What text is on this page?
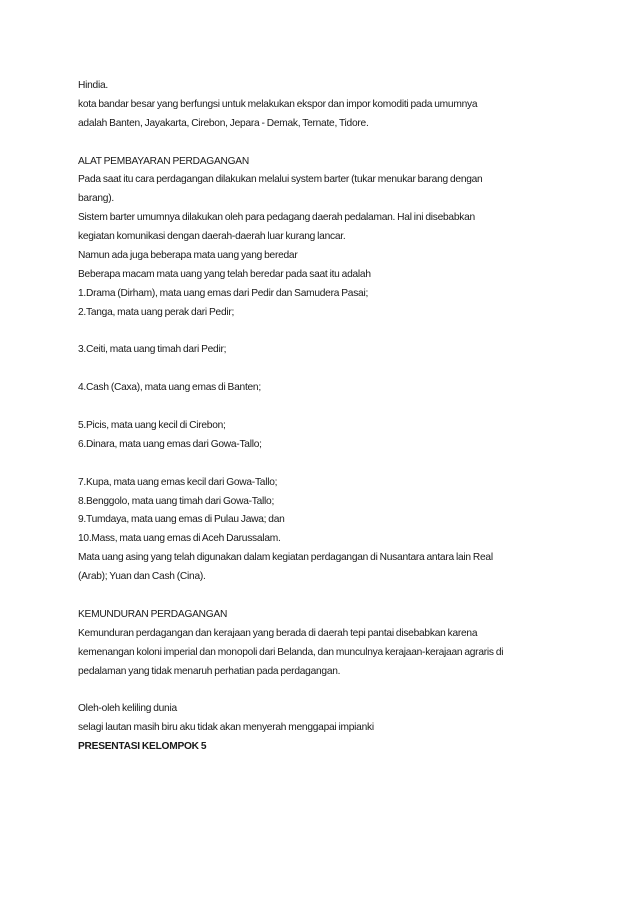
Hindia.
kota bandar besar yang berfungsi untuk melakukan ekspor dan impor komoditi pada umumnya
adalah Banten, Jayakarta, Cirebon, Jepara - Demak, Ternate, Tidore.
ALAT PEMBAYARAN PERDAGANGAN
Pada saat itu cara perdagangan dilakukan melalui system barter (tukar menukar barang dengan
barang).
Sistem barter umumnya dilakukan oleh para pedagang daerah pedalaman. Hal ini disebabkan
kegiatan komunikasi dengan daerah-daerah luar kurang lancar.
Namun ada juga beberapa mata uang yang beredar
Beberapa macam mata uang yang telah beredar pada saat itu adalah
1.Drama (Dirham), mata uang emas dari Pedir dan Samudera Pasai;
2.Tanga, mata uang perak dari Pedir;
3.Ceiti, mata uang timah dari Pedir;
4.Cash (Caxa), mata uang emas di Banten;
5.Picis, mata uang kecil di Cirebon;
6.Dinara, mata uang emas dari Gowa-Tallo;
7.Kupa, mata uang emas kecil dari Gowa-Tallo;
8.Benggolo, mata uang timah dari Gowa-Tallo;
9.Tumdaya, mata uang emas di Pulau Jawa; dan
10.Mass, mata uang emas di Aceh Darussalam.
Mata uang asing yang telah digunakan dalam kegiatan perdagangan di Nusantara antara lain Real
(Arab); Yuan dan Cash (Cina).
KEMUNDURAN PERDAGANGAN
Kemunduran perdagangan dan kerajaan yang berada di daerah tepi pantai disebabkan karena
kemenangan koloni imperial dan monopoli dari Belanda, dan munculnya kerajaan-kerajaan agraris di
pedalaman yang tidak menaruh perhatian pada perdagangan.
Oleh-oleh keliling dunia
selagi lautan masih biru aku tidak akan menyerah menggapai impianki
PRESENTASI KELOMPOK 5
